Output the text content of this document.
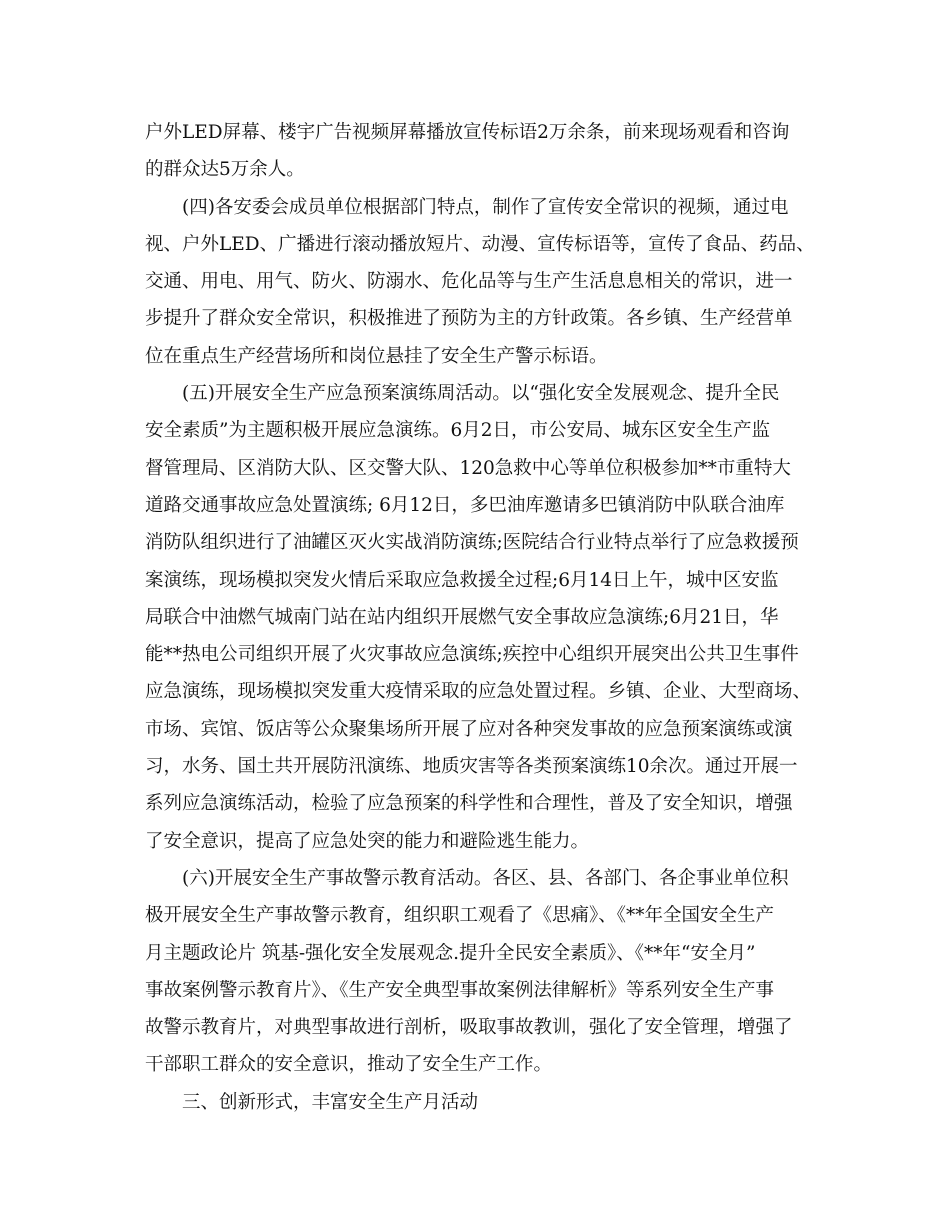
户外LED屏幕、楼宇广告视频屏幕播放宣传标语2万余条，前来现场观看和咨询
的群众达5万余人。
(四)各安委会成员单位根据部门特点，制作了宣传安全常识的视频，通过电
视、户外LED、广播进行滚动播放短片、动漫、宣传标语等，宣传了食品、药品、
交通、用电、用气、防火、防溺水、危化品等与生产生活息息相关的常识，进一
步提升了群众安全常识，积极推进了预防为主的方针政策。各乡镇、生产经营单
位在重点生产经营场所和岗位悬挂了安全生产警示标语。
(五)开展安全生产应急预案演练周活动。以“强化安全发展观念、提升全民
安全素质”为主题积极开展应急演练。6月2日，市公安局、城东区安全生产监
督管理局、区消防大队、区交警大队、120急救中心等单位积极参加**市重特大
道路交通事故应急处置演练; 6月12日，多巴油库邀请多巴镇消防中队联合油库
消防队组织进行了油罐区灭火实战消防演练;医院结合行业特点举行了应急救援预
案演练，现场模拟突发火情后采取应急救援全过程;6月14日上午，城中区安监
局联合中油燃气城南门站在站内组织开展燃气安全事故应急演练;6月21日，华
能**热电公司组织开展了火灾事故应急演练;疾控中心组织开展突出公共卫生事件
应急演练，现场模拟突发重大疫情采取的应急处置过程。乡镇、企业、大型商场、
市场、宾馆、饭店等公众聚集场所开展了应对各种突发事故的应急预案演练或演
习，水务、国土共开展防汛演练、地质灾害等各类预案演练10余次。通过开展一
系列应急演练活动，检验了应急预案的科学性和合理性，普及了安全知识，增强
了安全意识，提高了应急处突的能力和避险逃生能力。
(六)开展安全生产事故警示教育活动。各区、县、各部门、各企事业单位积
极开展安全生产事故警示教育，组织职工观看了《思痛》、《**年全国安全生产
月主题政论片 筑基-强化安全发展观念.提升全民安全素质》、《**年“安全月”
事故案例警示教育片》、《生产安全典型事故案例法律解析》等系列安全生产事
故警示教育片，对典型事故进行剖析，吸取事故教训，强化了安全管理，增强了
干部职工群众的安全意识，推动了安全生产工作。
三、创新形式，丰富安全生产月活动
